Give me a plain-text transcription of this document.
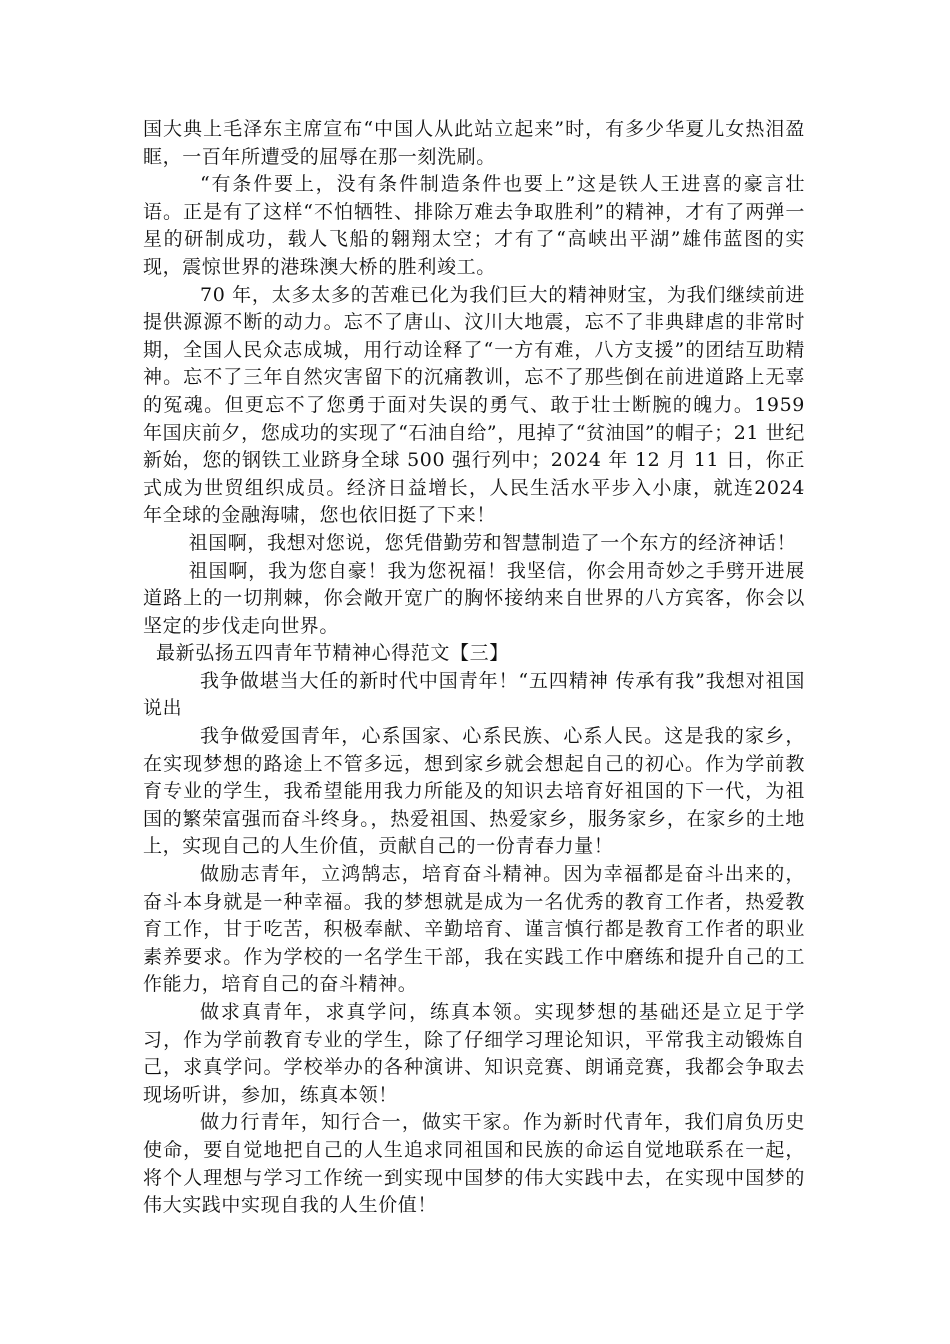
国大典上毛泽东主席宣布“中国人从此站立起来”时，有多少华夏儿女热泪盈眶，一百年所遭受的屈辱在那一刻洗刷。

“有条件要上，没有条件制造条件也要上”这是铁人王进喜的豪言壮语。正是有了这样“不怕牺牲、排除万难去争取胜利”的精神，才有了两弹一星的研制成功，载人飞船的翱翔太空；才有了“高峡出平湖”雄伟蓝图的实现，震惊世界的港珠澳大桥的胜利竣工。

70 年，太多太多的苦难已化为我们巨大的精神财宝，为我们继续前进提供源源不断的动力。忘不了唐山、汶川大地震，忘不了非典肆虐的非常时期，全国人民众志成城，用行动诠释了“一方有难，八方支援”的团结互助精神。忘不了三年自然灾害留下的沉痛教训，忘不了那些倒在前进道路上无辜的冤魂。但更忘不了您勇于面对失误的勇气、敢于壮士断腕的魄力。1959 年国庆前夕，您成功的实现了“石油自给”，甩掉了“贫油国”的帽子；21 世纪新始，您的钢铁工业跻身全球 500 强行列中；2024 年 12 月 11 日，你正式成为世贸组织成员。经济日益增长，人民生活水平步入小康，就连2024 年全球的金融海啸，您也依旧挺了下来！

祖国啊，我想对您说，您凭借勤劳和智慧制造了一个东方的经济神话！

祖国啊，我为您自豪！我为您祝福！我坚信，你会用奇妙之手劈开进展道路上的一切荆棘，你会敞开宽广的胸怀接纳来自世界的八方宾客，你会以坚定的步伐走向世界。

最新弘扬五四青年节精神心得范文【三】

我争做堪当大任的新时代中国青年！“五四精神 传承有我”我想对祖国说出

我争做爱国青年，心系国家、心系民族、心系人民。这是我的家乡，在实现梦想的路途上不管多远，想到家乡就会想起自己的初心。作为学前教育专业的学生，我希望能用我力所能及的知识去培育好祖国的下一代，为祖国的繁荣富强而奋斗终身。，热爱祖国、热爱家乡，服务家乡，在家乡的土地上，实现自己的人生价值，贡献自己的一份青春力量！

做励志青年，立鸿鹄志，培育奋斗精神。因为幸福都是奋斗出来的，奋斗本身就是一种幸福。我的梦想就是成为一名优秀的教育工作者，热爱教育工作，甘于吃苦，积极奉献、辛勤培育、谨言慎行都是教育工作者的职业素养要求。作为学校的一名学生干部，我在实践工作中磨练和提升自己的工作能力，培育自己的奋斗精神。

做求真青年，求真学问，练真本领。实现梦想的基础还是立足于学习，作为学前教育专业的学生，除了仔细学习理论知识，平常我主动锻炼自己，求真学问。学校举办的各种演讲、知识竞赛、朗诵竞赛，我都会争取去现场听讲，参加，练真本领！

做力行青年，知行合一，做实干家。作为新时代青年，我们肩负历史使命，要自觉地把自己的人生追求同祖国和民族的命运自觉地联系在一起，将个人理想与学习工作统一到实现中国梦的伟大实践中去，在实现中国梦的伟大实践中实现自我的人生价值！
